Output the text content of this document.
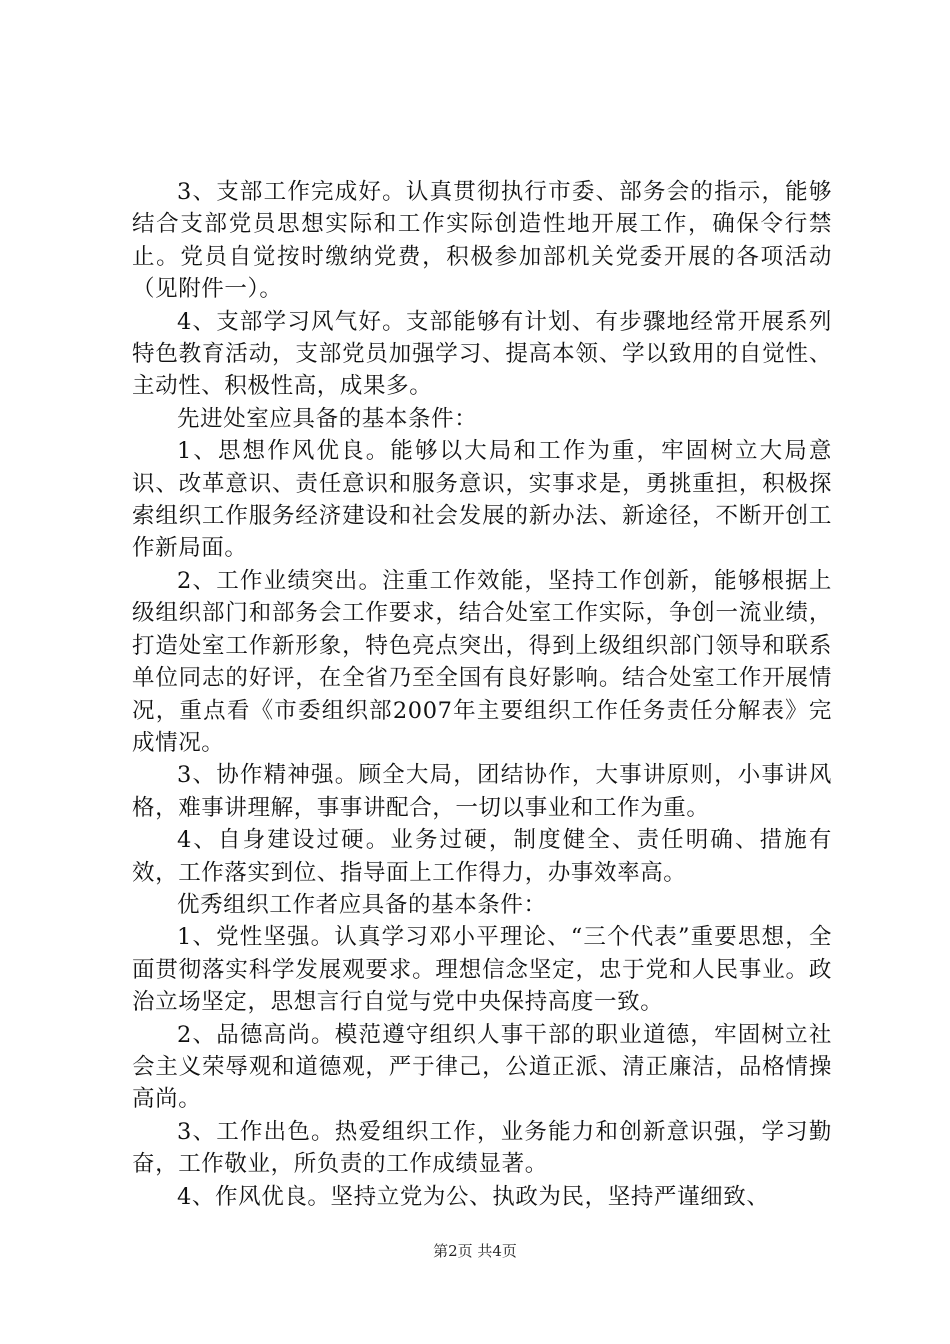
3、支部工作完成好。认真贯彻执行市委、部务会的指示，能够结合支部党员思想实际和工作实际创造性地开展工作，确保令行禁止。党员自觉按时缴纳党费，积极参加部机关党委开展的各项活动（见附件一）。

4、支部学习风气好。支部能够有计划、有步骤地经常开展系列特色教育活动，支部党员加强学习、提高本领、学以致用的自觉性、主动性、积极性高，成果多。

先进处室应具备的基本条件：

1、思想作风优良。能够以大局和工作为重，牢固树立大局意识、改革意识、责任意识和服务意识，实事求是，勇挑重担，积极探索组织工作服务经济建设和社会发展的新办法、新途径，不断开创工作新局面。

2、工作业绩突出。注重工作效能，坚持工作创新，能够根据上级组织部门和部务会工作要求，结合处室工作实际，争创一流业绩，打造处室工作新形象，特色亮点突出，得到上级组织部门领导和联系单位同志的好评，在全省乃至全国有良好影响。结合处室工作开展情况，重点看《市委组织部2007年主要组织工作任务责任分解表》完成情况。

3、协作精神强。顾全大局，团结协作，大事讲原则，小事讲风格，难事讲理解，事事讲配合，一切以事业和工作为重。

4、自身建设过硬。业务过硬，制度健全、责任明确、措施有效，工作落实到位、指导面上工作得力，办事效率高。

优秀组织工作者应具备的基本条件：

1、党性坚强。认真学习邓小平理论、“三个代表”重要思想，全面贯彻落实科学发展观要求。理想信念坚定，忠于党和人民事业。政治立场坚定，思想言行自觉与党中央保持高度一致。

2、品德高尚。模范遵守组织人事干部的职业道德，牢固树立社会主义荣辱观和道德观，严于律己，公道正派、清正廉洁，品格情操高尚。

3、工作出色。热爱组织工作，业务能力和创新意识强，学习勤奋，工作敬业，所负责的工作成绩显著。

4、作风优良。坚持立党为公、执政为民，坚持严谨细致、

第2页 共4页
